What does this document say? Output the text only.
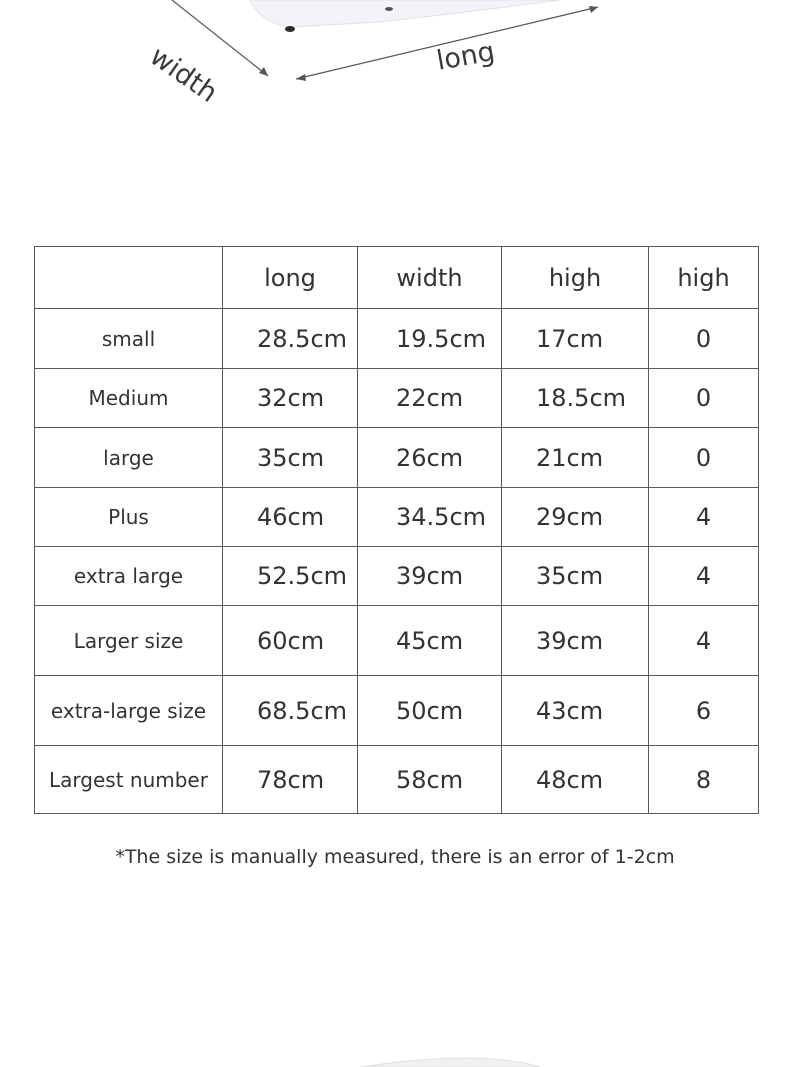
width	long
	long	width	high	high
small	28.5cm	19.5cm	17cm	0
Medium	32cm	22cm	18.5cm	0
large	35cm	26cm	21cm	0
Plus	46cm	34.5cm	29cm	4
extra large	52.5cm	39cm	35cm	4
Larger size	60cm	45cm	39cm	4
extra-large size	68.5cm	50cm	43cm	6
Largest number	78cm	58cm	48cm	8
*The size is manually measured, there is an error of 1-2cm
